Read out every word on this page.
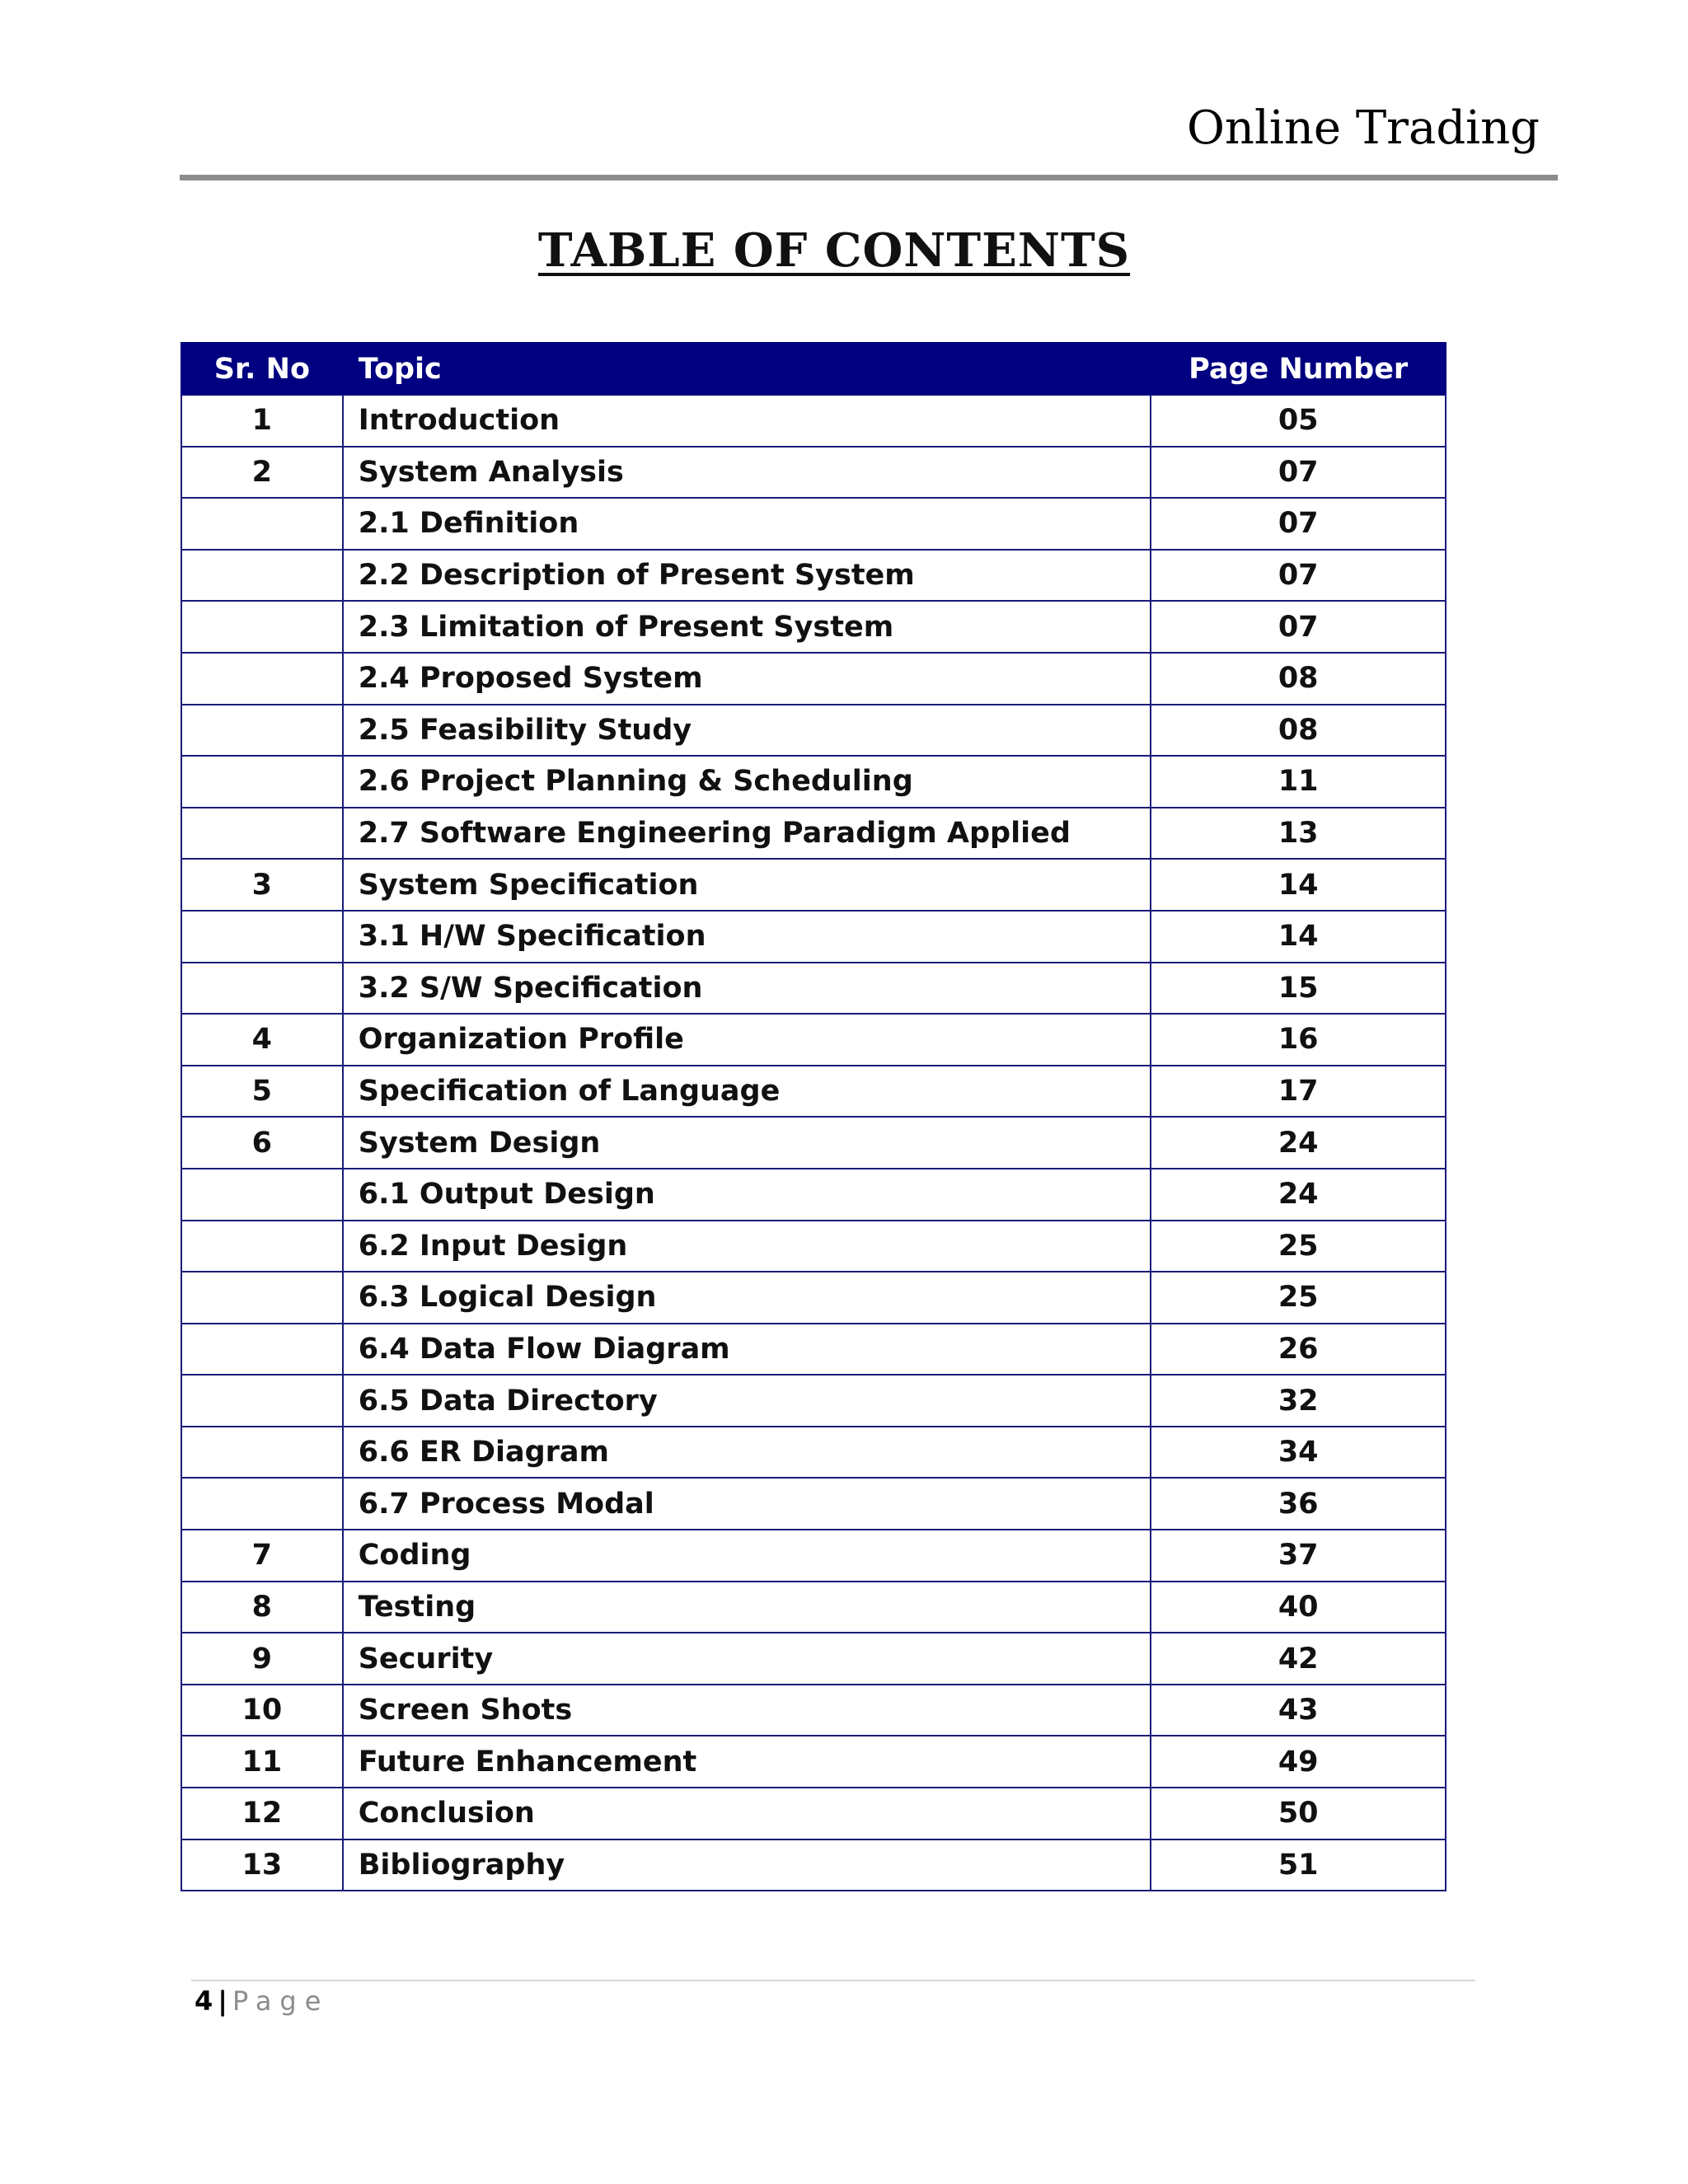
Online Trading
TABLE OF CONTENTS
Sr. No	Topic	Page Number
1	Introduction	05
2	System Analysis	07
	2.1 Definition	07
	2.2 Description of Present System	07
	2.3 Limitation of Present System	07
	2.4 Proposed System	08
	2.5 Feasibility Study	08
	2.6 Project Planning & Scheduling	11
	2.7 Software Engineering Paradigm Applied	13
3	System Specification	14
	3.1 H/W Specification	14
	3.2 S/W Specification	15
4	Organization Profile	16
5	Specification of Language	17
6	System Design	24
	6.1 Output Design	24
	6.2 Input Design	25
	6.3 Logical Design	25
	6.4 Data Flow Diagram	26
	6.5 Data Directory	32
	6.6 ER Diagram	34
	6.7 Process Modal	36
7	Coding	37
8	Testing	40
9	Security	42
10	Screen Shots	43
11	Future Enhancement	49
12	Conclusion	50
13	Bibliography	51
4 | Page
